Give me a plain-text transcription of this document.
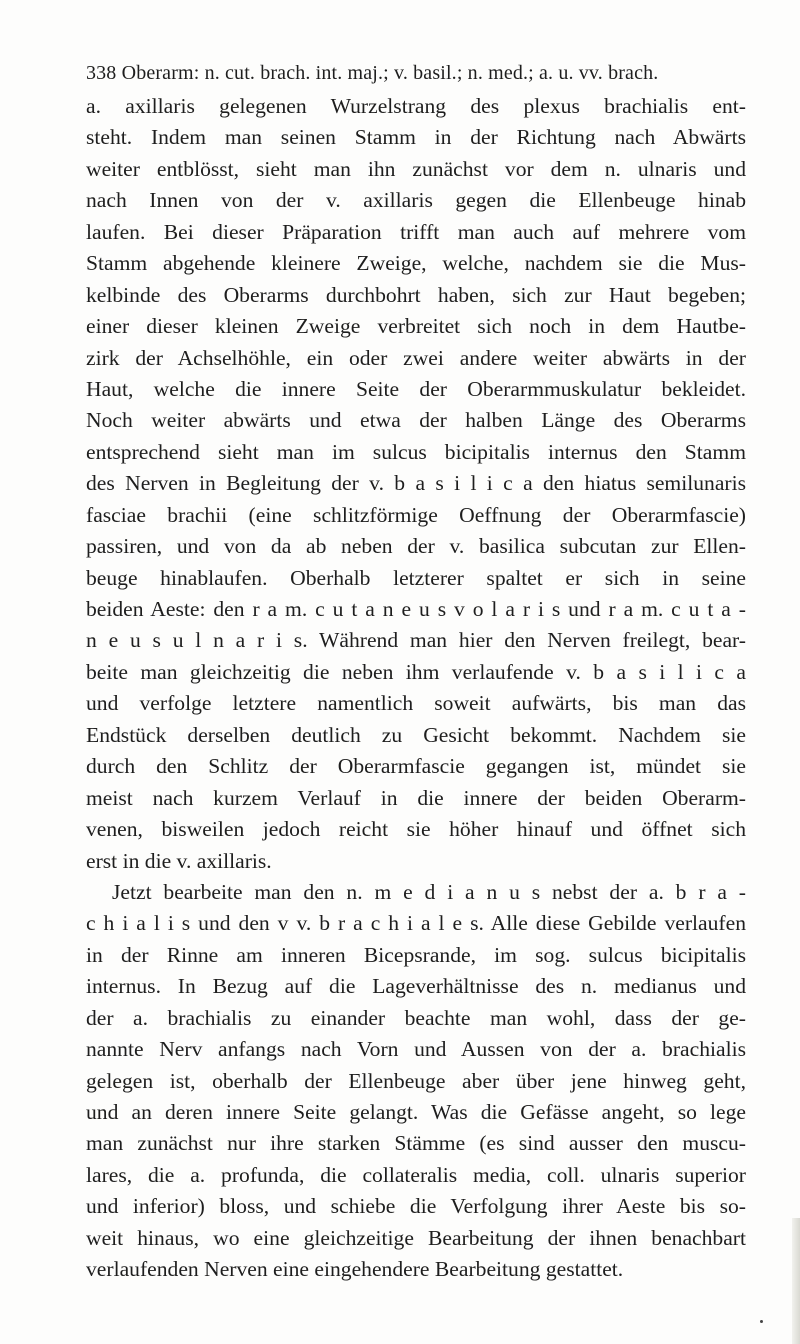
338 Oberarm: n. cut. brach. int. maj.; v. basil.; n. med.; a. u. vv. brach.
a. axillaris gelegenen Wurzelstrang des plexus brachialis ent-
steht. Indem man seinen Stamm in der Richtung nach Abwärts
weiter entblösst, sieht man ihn zunächst vor dem n. ulnaris und
nach Innen von der v. axillaris gegen die Ellenbeuge hinab
laufen. Bei dieser Präparation trifft man auch auf mehrere vom
Stamm abgehende kleinere Zweige, welche, nachdem sie die Mus-
kelbinde des Oberarms durchbohrt haben, sich zur Haut begeben;
einer dieser kleinen Zweige verbreitet sich noch in dem Hautbe-
zirk der Achselhöhle, ein oder zwei andere weiter abwärts in der
Haut, welche die innere Seite der Oberarmmuskulatur bekleidet.
Noch weiter abwärts und etwa der halben Länge des Oberarms
entsprechend sieht man im sulcus bicipitalis internus den Stamm
des Nerven in Begleitung der v. b a s i l i c a den hiatus semilunaris
fasciae brachii (eine schlitzförmige Oeffnung der Oberarmfascie)
passiren, und von da ab neben der v. basilica subcutan zur Ellen-
beuge hinablaufen. Oberhalb letzterer spaltet er sich in seine
beiden Aeste: den r a m. c u t a n e u s v o l a r i s und r a m. c u t a -
n e u s u l n a r i s. Während man hier den Nerven freilegt, bear-
beite man gleichzeitig die neben ihm verlaufende v. b a s i l i c a
und verfolge letztere namentlich soweit aufwärts, bis man das
Endstück derselben deutlich zu Gesicht bekommt. Nachdem sie
durch den Schlitz der Oberarmfascie gegangen ist, mündet sie
meist nach kurzem Verlauf in die innere der beiden Oberarm-
venen, bisweilen jedoch reicht sie höher hinauf und öffnet sich
erst in die v. axillaris.
Jetzt bearbeite man den n. m e d i a n u s nebst der a. b r a -
c h i a l i s und den v v. b r a c h i a l e s. Alle diese Gebilde verlaufen
in der Rinne am inneren Bicepsrande, im sog. sulcus bicipitalis
internus. In Bezug auf die Lageverhältnisse des n. medianus und
der a. brachialis zu einander beachte man wohl, dass der ge-
nannte Nerv anfangs nach Vorn und Aussen von der a. brachialis
gelegen ist, oberhalb der Ellenbeuge aber über jene hinweg geht,
und an deren innere Seite gelangt. Was die Gefässe angeht, so lege
man zunächst nur ihre starken Stämme (es sind ausser den muscu-
lares, die a. profunda, die collateralis media, coll. ulnaris superior
und inferior) bloss, und schiebe die Verfolgung ihrer Aeste bis so-
weit hinaus, wo eine gleichzeitige Bearbeitung der ihnen benachbart
verlaufenden Nerven eine eingehendere Bearbeitung gestattet.
